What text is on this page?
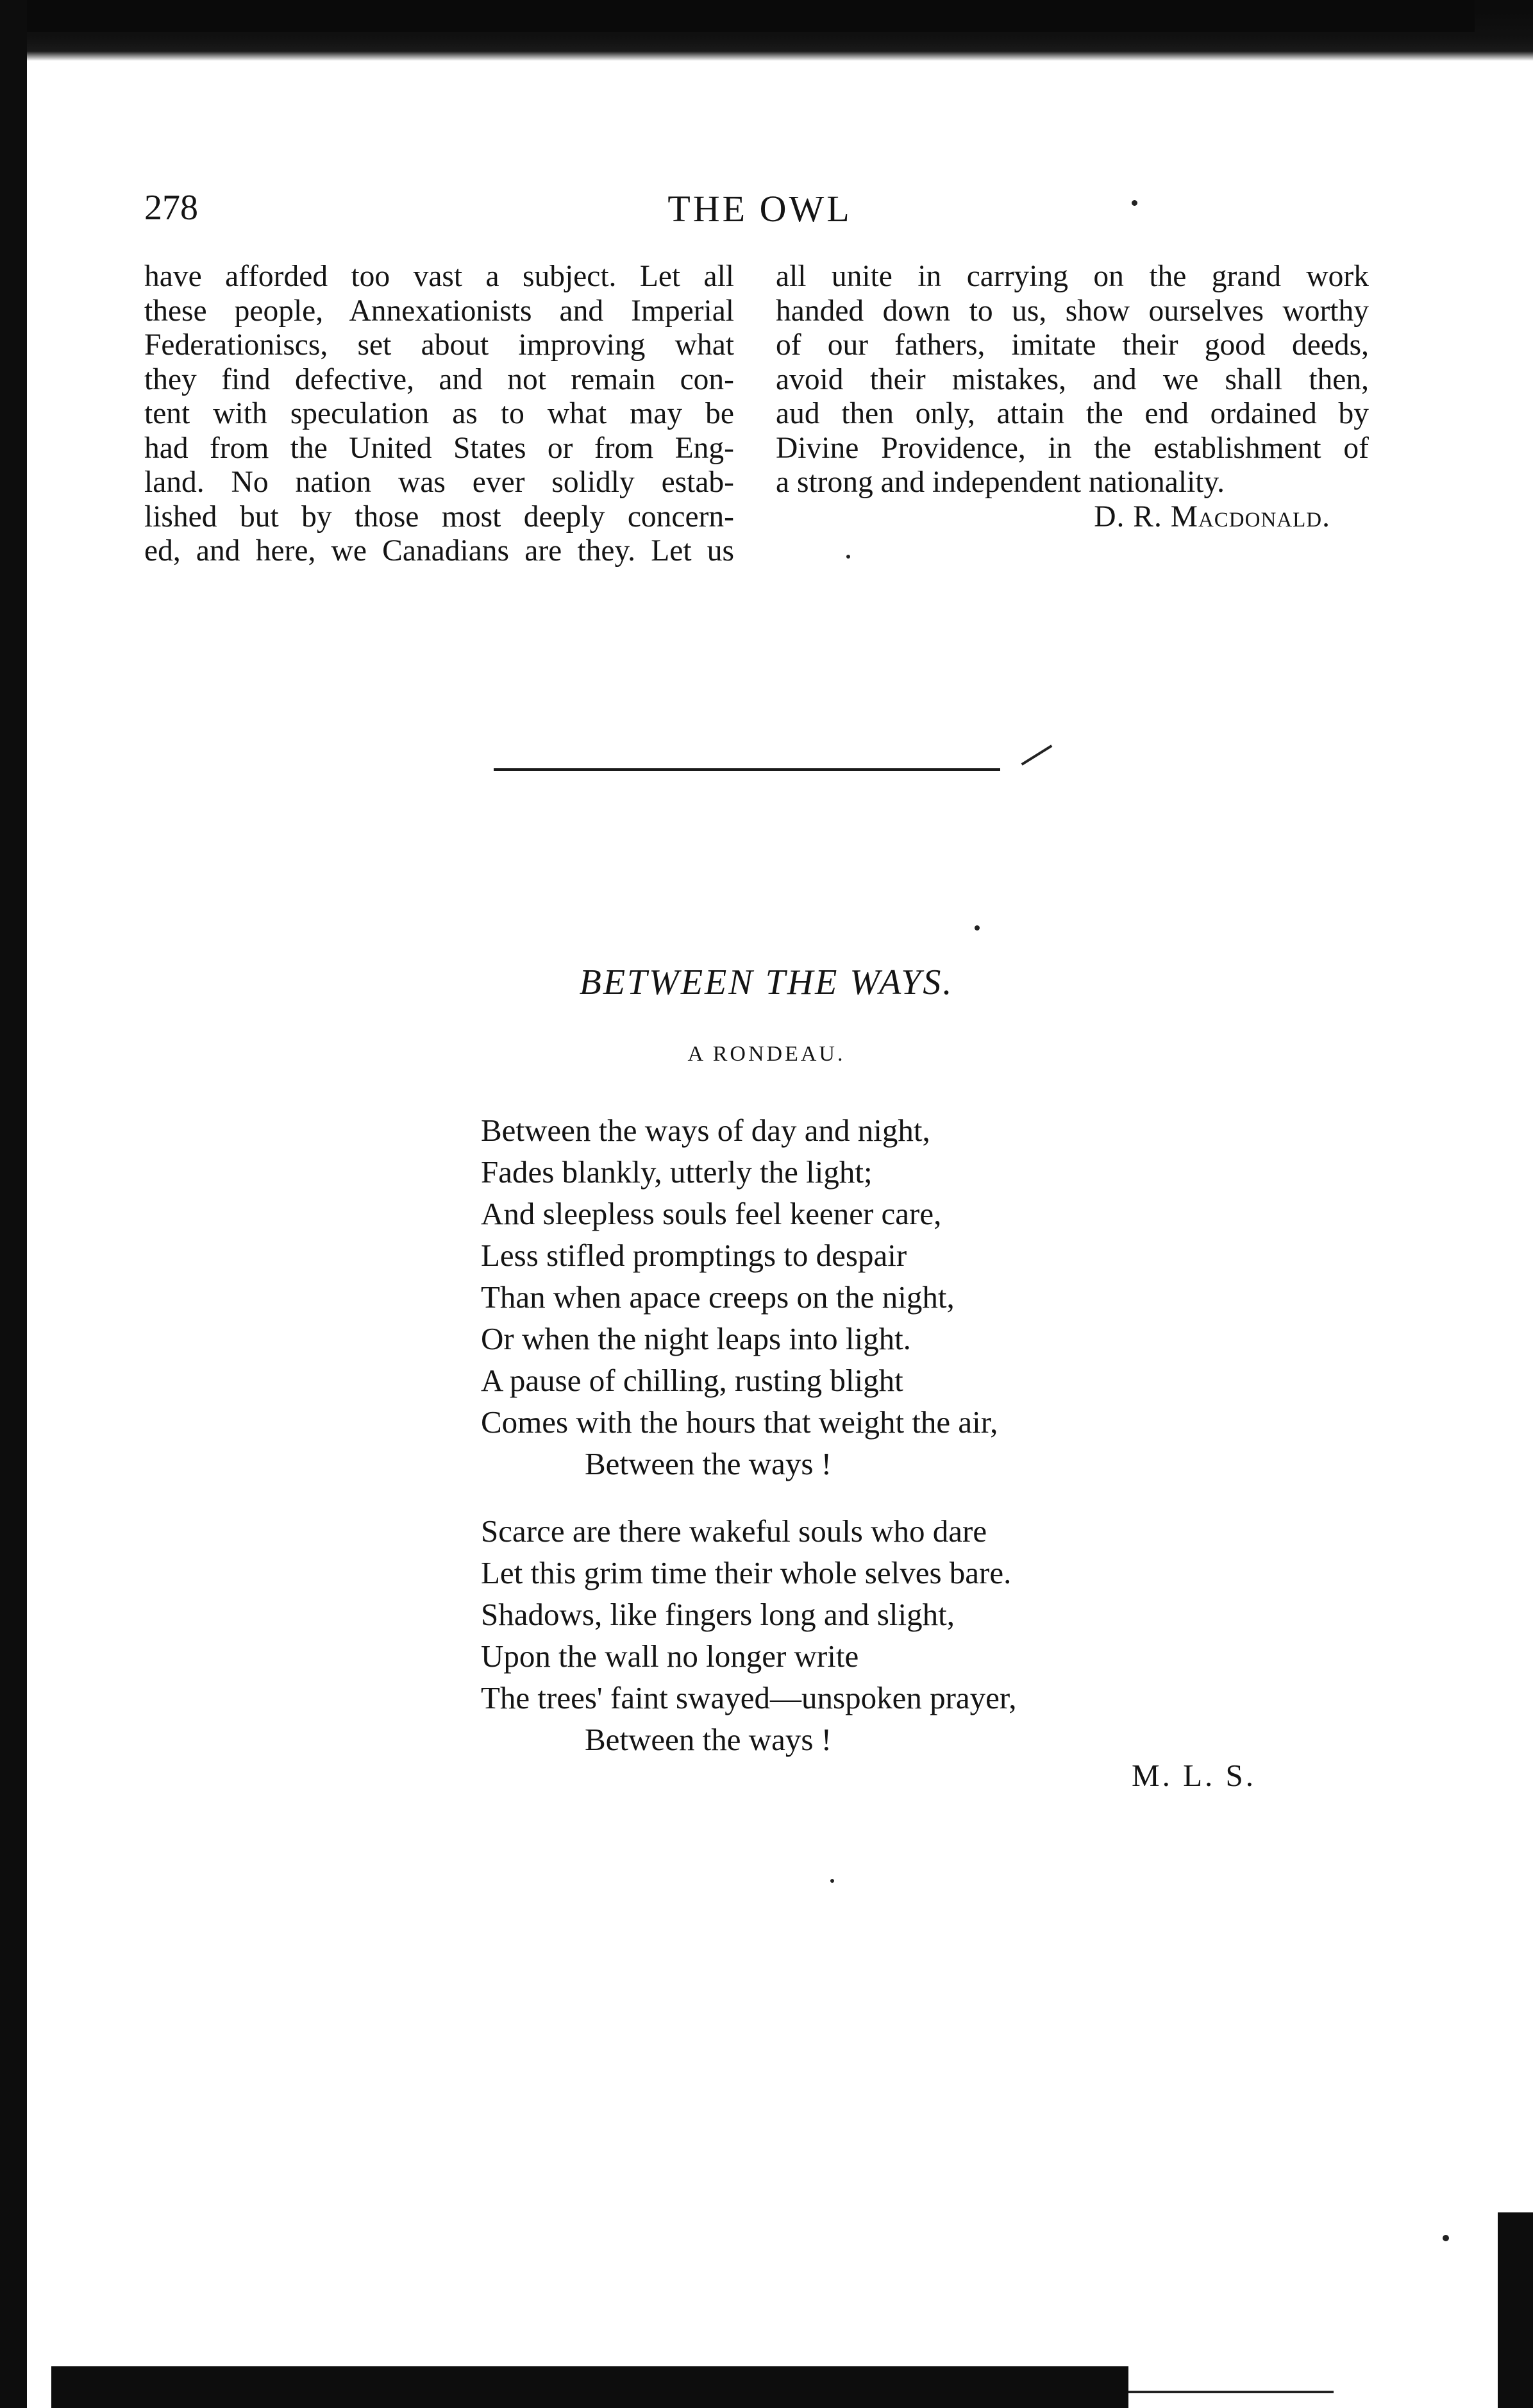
278	THE OWL
have afforded too vast a subject. Let all
these people, Annexationists and Imperial
Federationiscs, set about improving what
they find defective, and not remain con-
tent with speculation as to what may be
had from the United States or from Eng-
land. No nation was ever solidly estab-
lished but by those most deeply concern-
ed, and here, we Canadians are they. Let us
all unite in carrying on the grand work
handed down to us, show ourselves worthy
of our fathers, imitate their good deeds,
avoid their mistakes, and we shall then,
aud then only, attain the end ordained by
Divine Providence, in the establishment of
a strong and independent nationality.
D. R. Macdonald.
BETWEEN THE WAYS.
A RONDEAU.
Between the ways of day and night,
Fades blankly, utterly the light;
And sleepless souls feel keener care,
Less stifled promptings to despair
Than when apace creeps on the night,
Or when the night leaps into light.
A pause of chilling, rusting blight
Comes with the hours that weight the air,
Between the ways !
Scarce are there wakeful souls who dare
Let this grim time their whole selves bare.
Shadows, like fingers long and slight,
Upon the wall no longer write
The trees' faint swayed—unspoken prayer,
Between the ways !
M. L. S.
